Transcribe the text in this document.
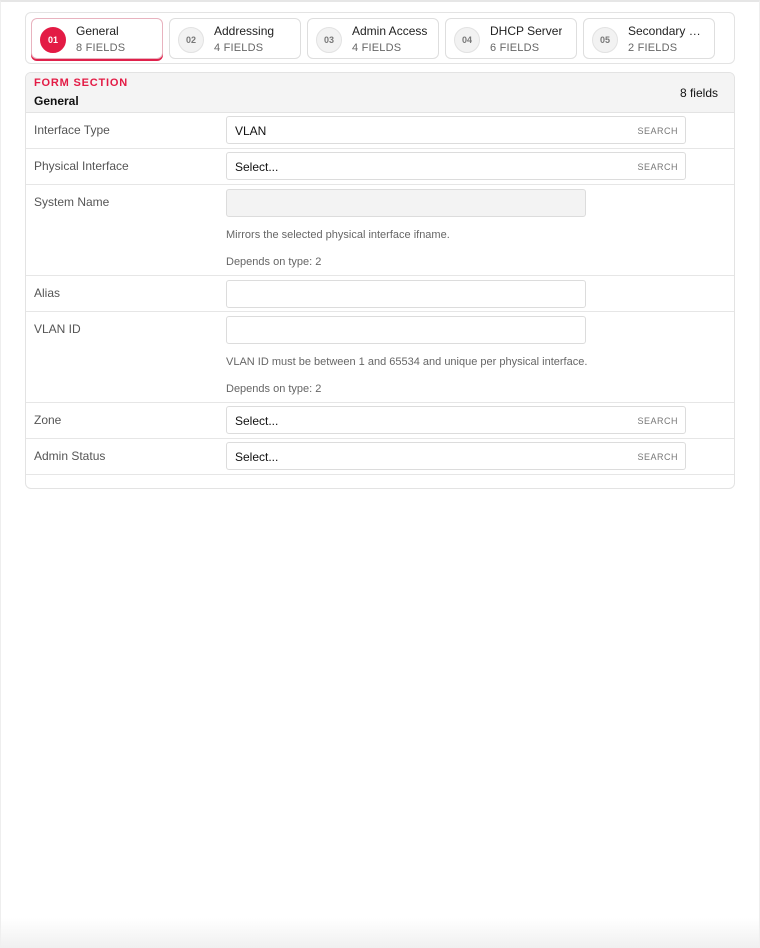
01
General
8 FIELDS
02
Addressing
4 FIELDS
03
Admin Access
4 FIELDS
04
DHCP Server
6 FIELDS
05
Secondary …
2 FIELDS
FORM SECTION
General
8 fields
Interface Type	VLAN	SEARCH
Physical Interface	Select...	SEARCH
System Name
Mirrors the selected physical interface ifname.
Depends on type: 2
Alias
VLAN ID
VLAN ID must be between 1 and 65534 and unique per physical interface.
Depends on type: 2
Zone	Select...	SEARCH
Admin Status	Select...	SEARCH
